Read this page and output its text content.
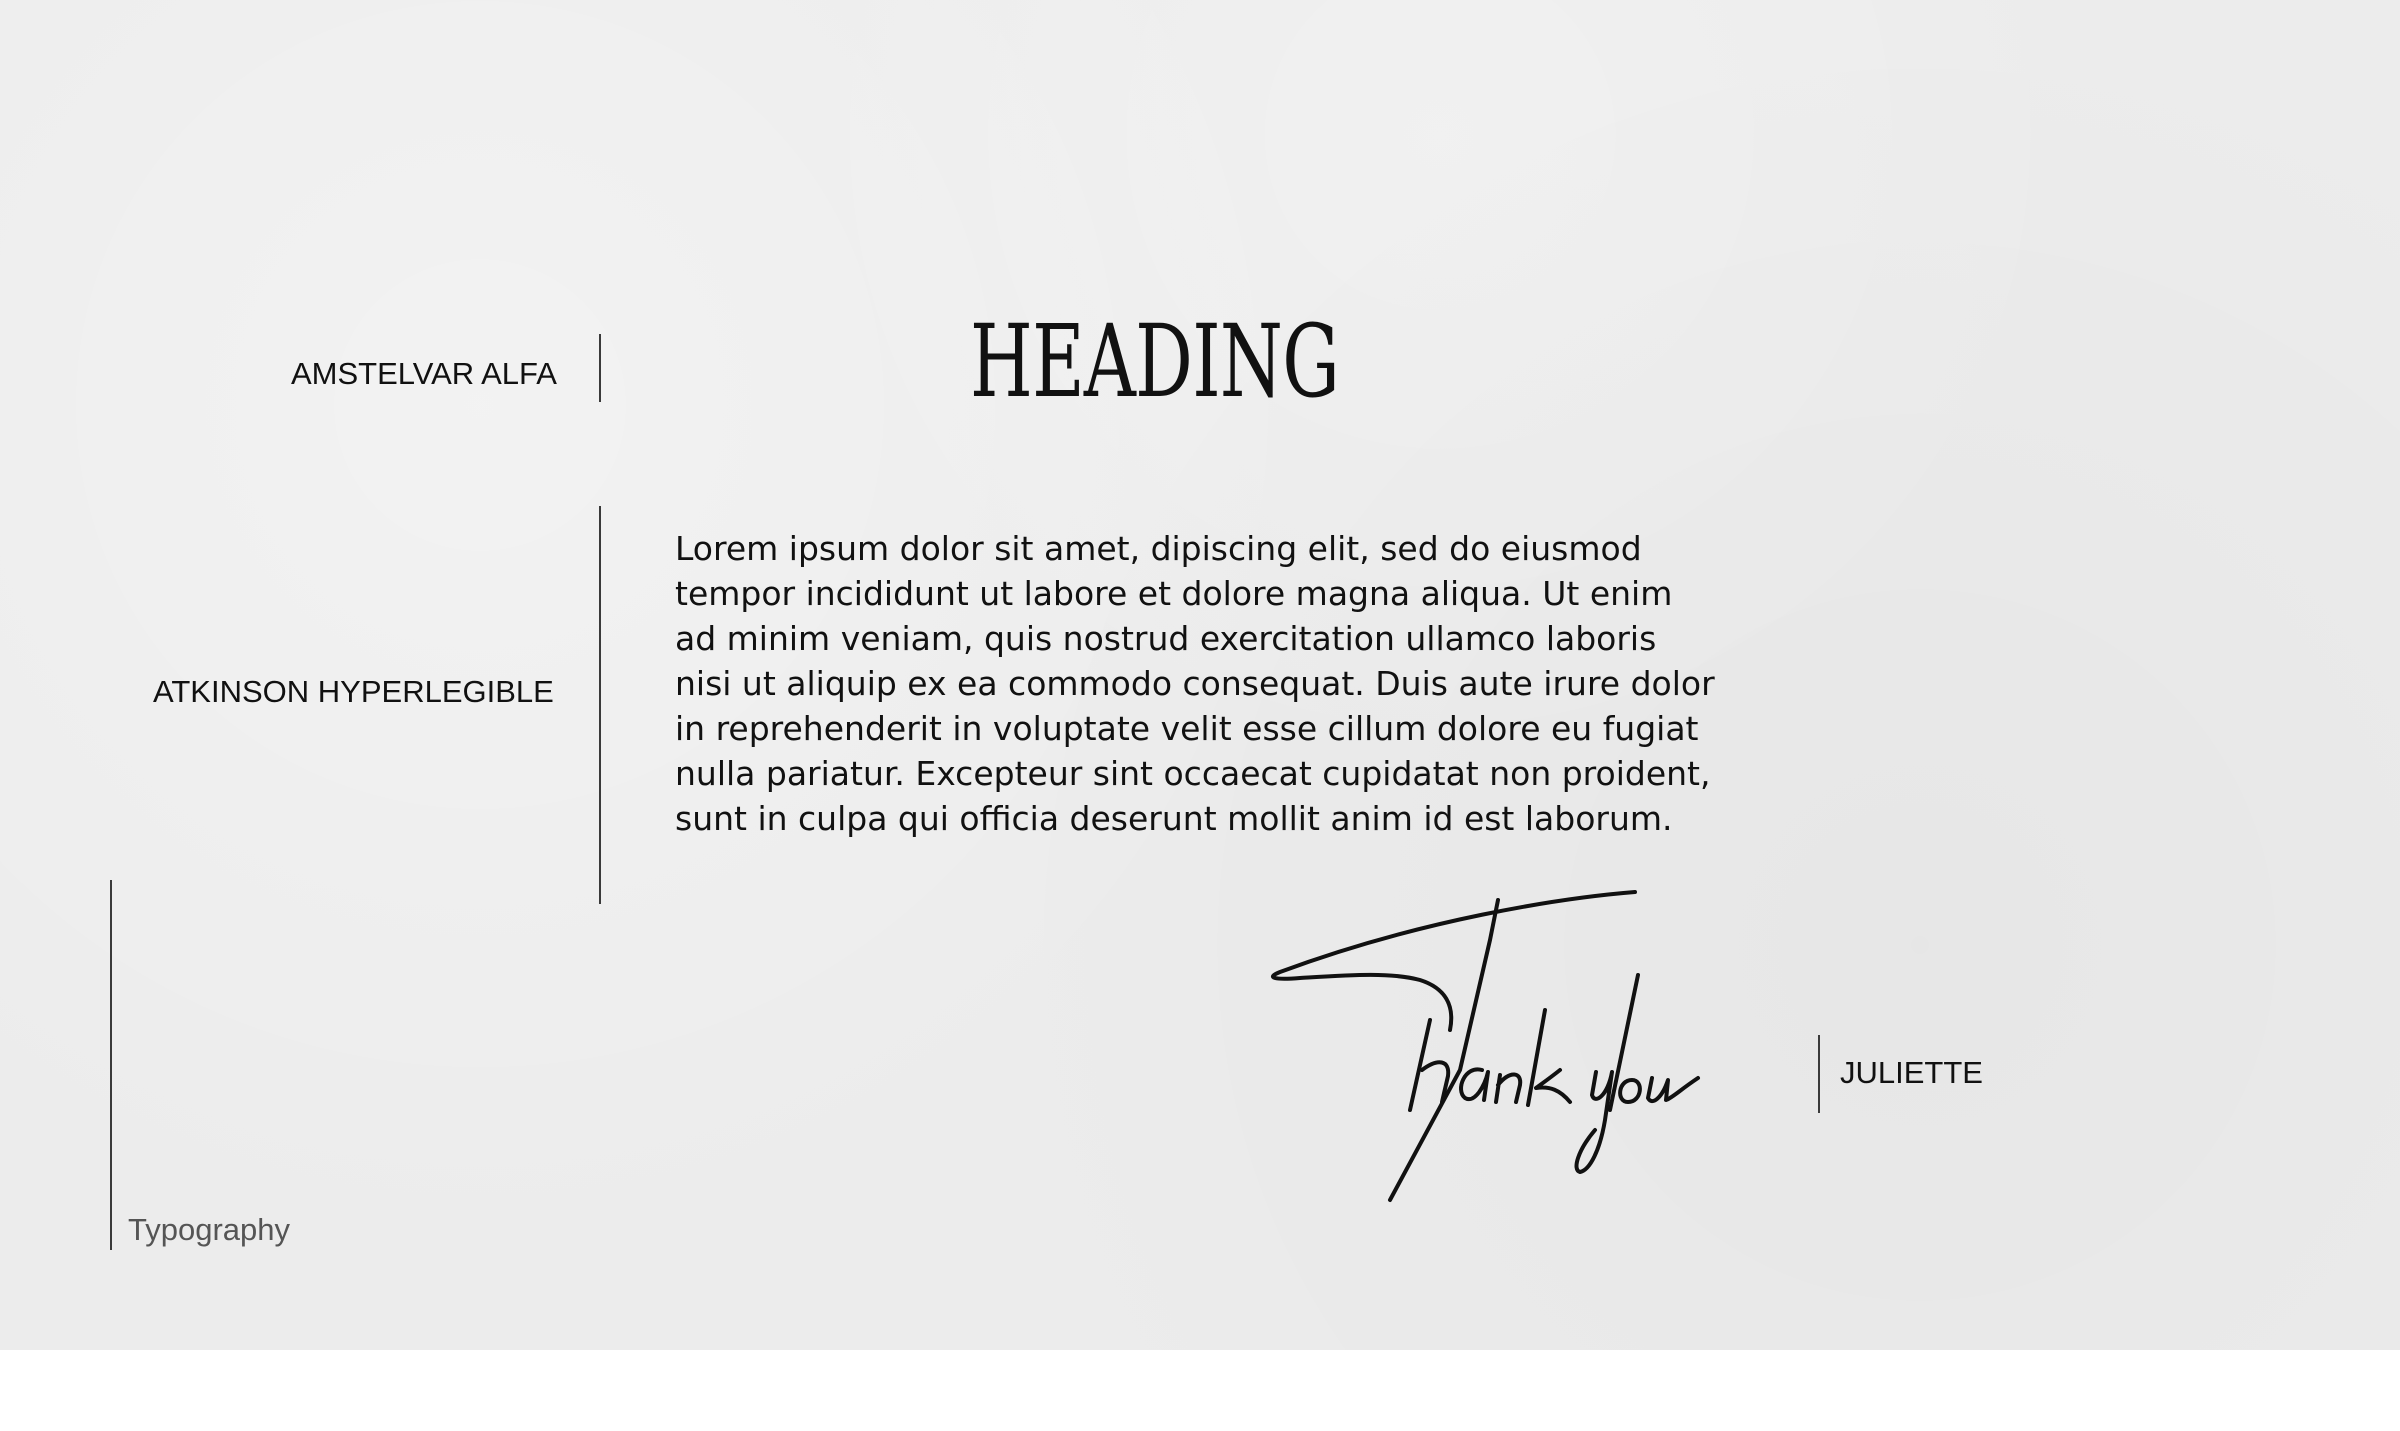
AMSTELVAR ALFA	HEADING
ATKINSON HYPERLEGIBLE

Lorem ipsum dolor sit amet, dipiscing elit, sed do eiusmod tempor incididunt ut labore et dolore magna aliqua. Ut enim ad minim veniam, quis nostrud exercitation ullamco laboris nisi ut aliquip ex ea commodo consequat. Duis aute irure dolor in reprehenderit in voluptate velit esse cillum dolore eu fugiat nulla pariatur. Excepteur sint occaecat cupidatat non proident, sunt in culpa qui officia deserunt mollit anim id est laborum.

JULIETTE
Typography
